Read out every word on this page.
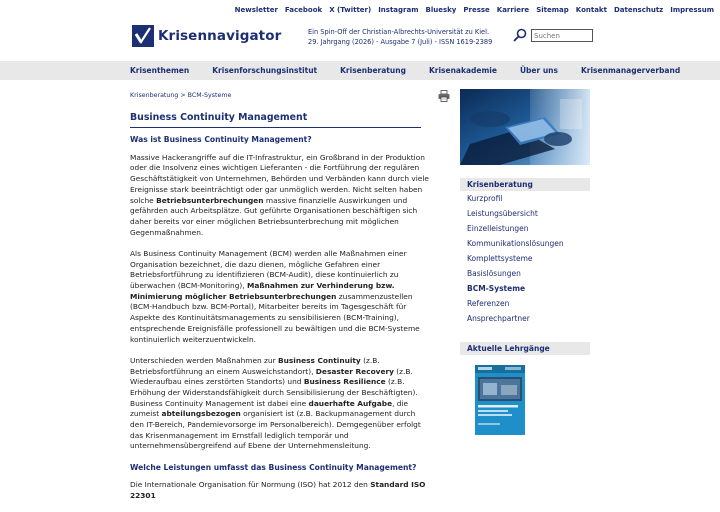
Newsletter Facebook X (Twitter) Instagram Bluesky Presse Karriere Sitemap Kontakt Datenschutz Impressum
Krisennavigator	Ein Spin-Off der Christian-Albrechts-Universität zu Kiel.
29. Jahrgang (2026) - Ausgabe 7 (Juli) - ISSN 1619-2389
Suchen
Krisenthemen	Krisenforschungsinstitut	Krisenberatung	Krisenakademie	Über uns	Krisenmanagerverband
Krisenberatung > BCM-Systeme
Business Continuity Management
Was ist Business Continuity Management?

Massive Hackerangriffe auf die IT-Infrastruktur, ein Großbrand in der Produktion oder die Insolvenz eines wichtigen Lieferanten - die Fortführung der regulären Geschäftstätigkeit von Unternehmen, Behörden und Verbänden kann durch viele Ereignisse stark beeinträchtigt oder gar unmöglich werden. Nicht selten haben solche Betriebsunterbrechungen massive finanzielle Auswirkungen und gefährden auch Arbeitsplätze. Gut geführte Organisationen beschäftigen sich daher bereits vor einer möglichen Betriebsunterbrechung mit möglichen Gegenmaßnahmen.

Als Business Continuity Management (BCM) werden alle Maßnahmen einer Organisation bezeichnet, die dazu dienen, mögliche Gefahren einer Betriebsfortführung zu identifizieren (BCM-Audit), diese kontinuierlich zu überwachen (BCM-Monitoring), Maßnahmen zur Verhinderung bzw. Minimierung möglicher Betriebsunterbrechungen zusammenzustellen (BCM-Handbuch bzw. BCM-Portal), Mitarbeiter bereits im Tagesgeschäft für Aspekte des Kontinuitätsmanagements zu sensibilisieren (BCM-Training), entsprechende Ereignisfälle professionell zu bewältigen und die BCM-Systeme kontinuierlich weiterzuentwickeln.

Unterschieden werden Maßnahmen zur Business Continuity (z.B. Betriebsfortführung an einem Ausweichstandort), Desaster Recovery (z.B. Wiederaufbau eines zerstörten Standorts) und Business Resilience (z.B. Erhöhung der Widerstandsfähigkeit durch Sensibilisierung der Beschäftigten). Business Continuity Management ist dabei eine dauerhafte Aufgabe, die zumeist abteilungsbezogen organisiert ist (z.B. Backupmanagement durch den IT-Bereich, Pandemievorsorge im Personalbereich). Demgegenüber erfolgt das Krisenmanagement im Ernstfall lediglich temporär und unternehmensübergreifend auf Ebene der Unternehmensleitung.

Welche Leistungen umfasst das Business Continuity Management?

Die Internationale Organisation für Normung (ISO) hat 2012 den Standard ISO 22301

Krisenberatung
Kurzprofil
Leistungsübersicht
Einzelleistungen
Kommunikationslösungen
Komplettsysteme
Basislösungen
BCM-Systeme
Referenzen
Ansprechpartner
Aktuelle Lehrgänge
